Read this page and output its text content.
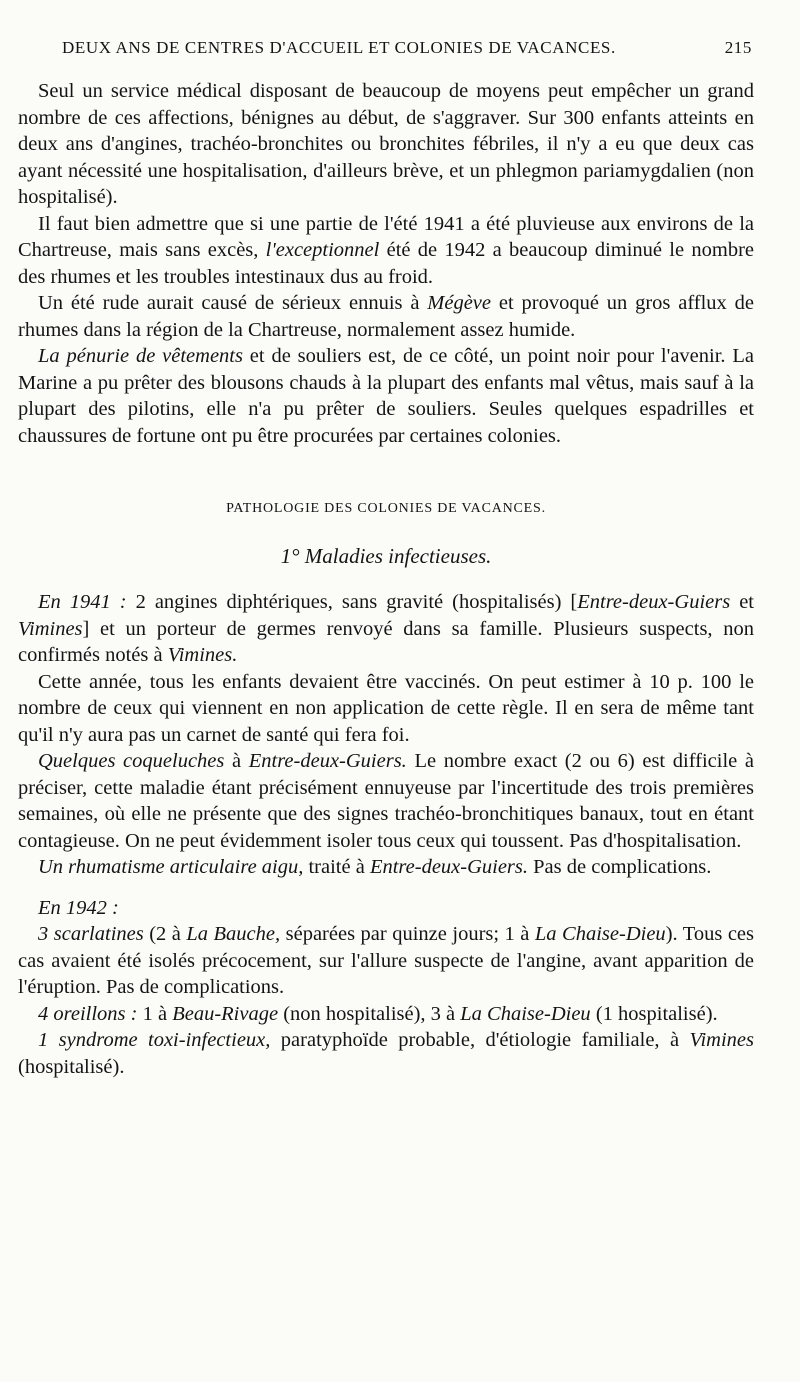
DEUX ANS DE CENTRES D'ACCUEIL ET COLONIES DE VACANCES.	215

Seul un service médical disposant de beaucoup de moyens peut empêcher un grand nombre de ces affections, bénignes au début, de s'aggraver. Sur 300 enfants atteints en deux ans d'angines, trachéo-bronchites ou bronchites fébriles, il n'y a eu que deux cas ayant nécessité une hospitalisation, d'ailleurs brève, et un phlegmon pariamygdalien (non hospitalisé).

Il faut bien admettre que si une partie de l'été 1941 a été pluvieuse aux environs de la Chartreuse, mais sans excès, l'exceptionnel été de 1942 a beaucoup diminué le nombre des rhumes et les troubles intestinaux dus au froid.

Un été rude aurait causé de sérieux ennuis à Mégève et provoqué un gros afflux de rhumes dans la région de la Chartreuse, normalement assez humide.

La pénurie de vêtements et de souliers est, de ce côté, un point noir pour l'avenir. La Marine a pu prêter des blousons chauds à la plupart des enfants mal vêtus, mais sauf à la plupart des pilotins, elle n'a pu prêter de souliers. Seules quelques espadrilles et chaussures de fortune ont pu être procurées par certaines colonies.

PATHOLOGIE DES COLONIES DE VACANCES.

1° Maladies infectieuses.

En 1941 : 2 angines diphtériques, sans gravité (hospitalisés) [Entre-deux-Guiers et Vimines] et un porteur de germes renvoyé dans sa famille. Plusieurs suspects, non confirmés notés à Vimines.

Cette année, tous les enfants devaient être vaccinés. On peut estimer à 10 p. 100 le nombre de ceux qui viennent en non application de cette règle. Il en sera de même tant qu'il n'y aura pas un carnet de santé qui fera foi.

Quelques coqueluches à Entre-deux-Guiers. Le nombre exact (2 ou 6) est difficile à préciser, cette maladie étant précisément ennuyeuse par l'incertitude des trois premières semaines, où elle ne présente que des signes trachéo-bronchitiques banaux, tout en étant contagieuse. On ne peut évidemment isoler tous ceux qui toussent. Pas d'hospitalisation.

Un rhumatisme articulaire aigu, traité à Entre-deux-Guiers. Pas de complications.

En 1942 :

3 scarlatines (2 à La Bauche, séparées par quinze jours; 1 à La Chaise-Dieu). Tous ces cas avaient été isolés précocement, sur l'allure suspecte de l'angine, avant apparition de l'éruption. Pas de complications.

4 oreillons : 1 à Beau-Rivage (non hospitalisé), 3 à La Chaise-Dieu (1 hospitalisé).

1 syndrome toxi-infectieux, paratyphoïde probable, d'étiologie familiale, à Vimines (hospitalisé).
